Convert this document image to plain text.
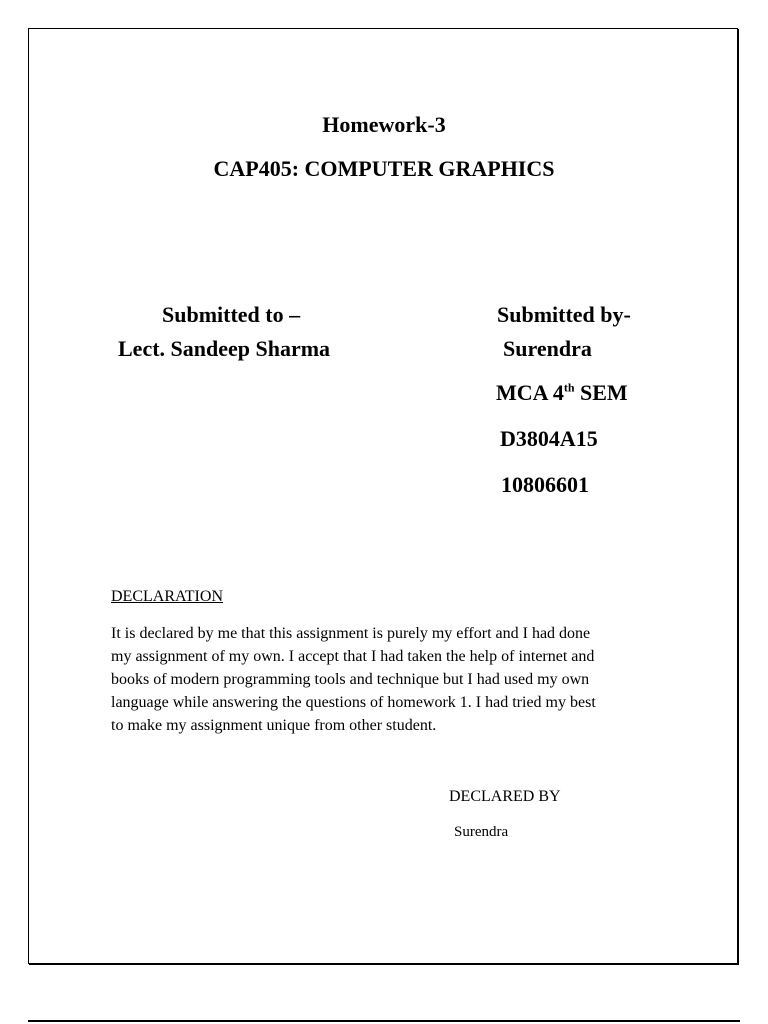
Homework-3
CAP405: COMPUTER GRAPHICS
Submitted to –
Lect. Sandeep Sharma
Submitted by-
Surendra
MCA 4th SEM
D3804A15
10806601
DECLARATION

It is declared by me that this assignment is purely my effort and I had done

my assignment of my own. I accept that I had taken the help of internet and

books of modern programming tools and technique but I had used my own

language while answering the questions of homework 1. I had tried my best

to make my assignment unique from other student.

DECLARED BY
Surendra
